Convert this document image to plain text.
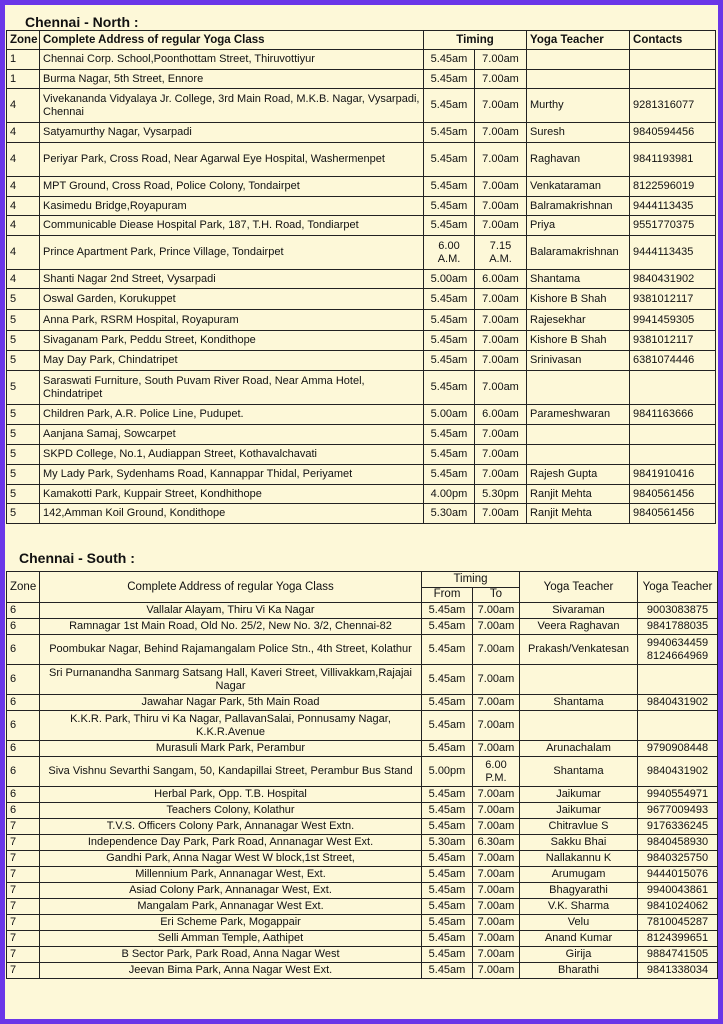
Chennai - North :
Zone	Complete Address of regular Yoga Class	Timing		Yoga Teacher	Contacts
1	Chennai Corp. School,Poonthottam Street, Thiruvottiyur	5.45am	7.00am		
1	Burma Nagar, 5th Street, Ennore	5.45am	7.00am		
4	Vivekananda Vidyalaya Jr. College, 3rd Main Road, M.K.B. Nagar, Vysarpadi, Chennai	5.45am	7.00am	Murthy	9281316077
4	Satyamurthy Nagar, Vysarpadi	5.45am	7.00am	Suresh	9840594456
4	Periyar Park, Cross Road, Near Agarwal Eye Hospital, Washermenpet	5.45am	7.00am	Raghavan	9841193981
4	MPT Ground, Cross Road, Police Colony, Tondairpet	5.45am	7.00am	Venkataraman	8122596019
4	Kasimedu Bridge,Royapuram	5.45am	7.00am	Balramakrishnan	9444113435
4	Communicable Diease Hospital Park, 187, T.H. Road, Tondiarpet	5.45am	7.00am	Priya	9551770375
4	Prince Apartment Park, Prince Village, Tondairpet	6.00 A.M.	7.15 A.M.	Balaramakrishnan	9444113435
4	Shanti Nagar 2nd Street, Vysarpadi	5.00am	6.00am	Shantama	9840431902
5	Oswal Garden, Korukuppet	5.45am	7.00am	Kishore B Shah	9381012117
5	Anna Park, RSRM Hospital, Royapuram	5.45am	7.00am	Rajesekhar	9941459305
5	Sivaganam Park, Peddu Street, Kondithope	5.45am	7.00am	Kishore B Shah	9381012117
5	May Day Park, Chindatripet	5.45am	7.00am	Srinivasan	6381074446
5	Saraswati Furniture, South Puvam River Road, Near Amma Hotel, Chindatripet	5.45am	7.00am		
5	Children Park, A.R. Police Line, Pudupet.	5.00am	6.00am	Parameshwaran	9841163666
5	Aanjana Samaj, Sowcarpet	5.45am	7.00am		
5	SKPD College, No.1, Audiappan Street, Kothavalchavati	5.45am	7.00am		
5	My Lady Park, Sydenhams Road, Kannappar Thidal, Periyamet	5.45am	7.00am	Rajesh Gupta	9841910416
5	Kamakotti Park, Kuppair Street, Kondhithope	4.00pm	5.30pm	Ranjit Mehta	9840561456
5	142,Amman Koil Ground, Kondithope	5.30am	7.00am	Ranjit Mehta	9840561456
Chennai - South :
Zone	Complete Address of regular Yoga Class	Timing		Yoga Teacher	Yoga Teacher
		From	To		
6	Vallalar Alayam, Thiru Vi Ka Nagar	5.45am	7.00am	Sivaraman	9003083875
6	Ramnagar 1st Main Road, Old No. 25/2, New No. 3/2, Chennai-82	5.45am	7.00am	Veera Raghavan	9841788035
6	Poombukar Nagar, Behind Rajamangalam Police Stn., 4th Street, Kolathur	5.45am	7.00am	Prakash/Venkatesan	9940634459 8124664969
6	Sri Purnanandha Sanmarg Satsang Hall, Kaveri Street, Villivakkam,Rajajai Nagar	5.45am	7.00am		
6	Jawahar Nagar Park, 5th Main Road	5.45am	7.00am	Shantama	9840431902
6	K.K.R. Park, Thiru vi Ka Nagar, PallavanSalai, Ponnusamy Nagar, K.K.R.Avenue	5.45am	7.00am		
6	Murasuli Mark Park, Perambur	5.45am	7.00am	Arunachalam	9790908448
6	Siva Vishnu Sevarthi Sangam, 50, Kandapillai Street, Perambur Bus Stand	5.00pm	6.00 P.M.	Shantama	9840431902
6	Herbal Park, Opp. T.B. Hospital	5.45am	7.00am	Jaikumar	9940554971
6	Teachers Colony, Kolathur	5.45am	7.00am	Jaikumar	9677009493
7	T.V.S. Officers Colony Park, Annanagar West Extn.	5.45am	7.00am	Chitravlue S	9176336245
7	Independence Day Park, Park Road, Annanagar West Ext.	5.30am	6.30am	Sakku Bhai	9840458930
7	Gandhi Park, Anna Nagar West W block,1st Street,	5.45am	7.00am	Nallakannu K	9840325750
7	Millennium Park, Annanagar West, Ext.	5.45am	7.00am	Arumugam	9444015076
7	Asiad Colony Park, Annanagar West, Ext.	5.45am	7.00am	Bhagyarathi	9940043861
7	Mangalam Park, Annanagar West Ext.	5.45am	7.00am	V.K. Sharma	9841024062
7	Eri Scheme Park, Mogappair	5.45am	7.00am	Velu	7810045287
7	Selli Amman Temple, Aathipet	5.45am	7.00am	Anand Kumar	8124399651
7	B Sector Park, Park Road, Anna Nagar West	5.45am	7.00am	Girija	9884741505
7	Jeevan Bima Park, Anna Nagar West Ext.	5.45am	7.00am	Bharathi	9841338034
